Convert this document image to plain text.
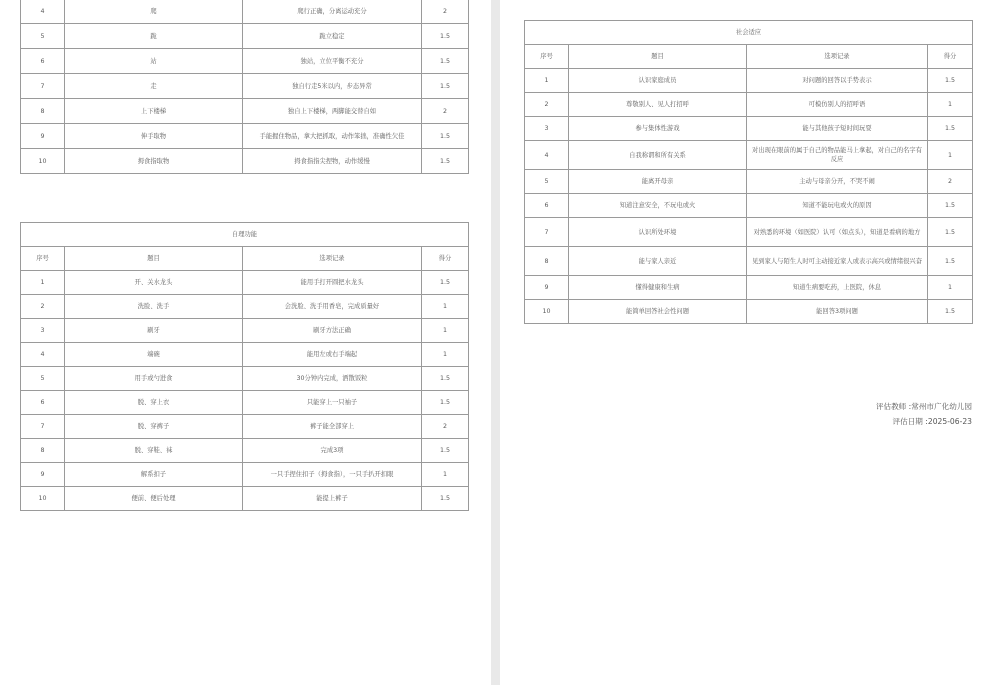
4	爬	爬行正确，分离运动充分	2
5	跪	跪立稳定	1.5
6	站	独站，立位平衡不充分	1.5
7	走	独自行走5米以内，步态异常	1.5
8	上下楼梯	独自上下楼梯，两脚能交替自如	2
9	伸手取物	手能握住物品，拿大把抓取，动作笨拙，准确性欠佳	1.5
10	拇食指取物	拇食指指尖捏物，动作缓慢	1.5
自理功能			
序号	题目	选项记录	得分
1	开、关水龙头	能用手打开圆把水龙头	1.5
2	洗脸、洗手	会洗脸、洗手用香皂，完成质量好	1
3	刷牙	刷牙方法正确	1
4	端碗	能用左或右手端起	1
5	用手或勺进食	30分钟内完成，洒散饭粒	1.5
6	脱、穿上衣	只能穿上一只袖子	1.5
7	脱、穿裤子	裤子能全部穿上	2
8	脱、穿鞋、袜	完成3项	1.5
9	解系扣子	一只手捏住扣子（拇食指），一只手扒开扣眼	1
10	便前、便后处理	能提上裤子	1.5
社会适应			
序号	题目	选项记录	得分
1	认识家庭成员	对问题的回答以手势表示	1.5
2	尊敬别人、见人打招呼	可模仿别人的招呼语	1
3	参与集体性游戏	能与其他孩子短时间玩耍	1.5
4	自我称谓和所有关系	对出现在眼前的属于自己的物品能马上拿起，对自己的名字有反应	1
5	能离开母亲	主动与母亲分开，不哭不闹	2
6	知道注意安全，不玩电或火	知道不能玩电或火的原因	1.5
7	认识所处环境	对熟悉的环境（如医院）认可（如点头），知道是看病的地方	1.5
8	能与家人亲近	见到家人与陌生人时可主动接近家人或表示高兴或情绪很兴奋	1.5
9	懂得健康和生病	知道生病要吃药，上医院，休息	1
10	能简单回答社会性问题	能回答3项问题	1.5
评估教师 :常州市广化幼儿园
评估日期 :2025-06-23
